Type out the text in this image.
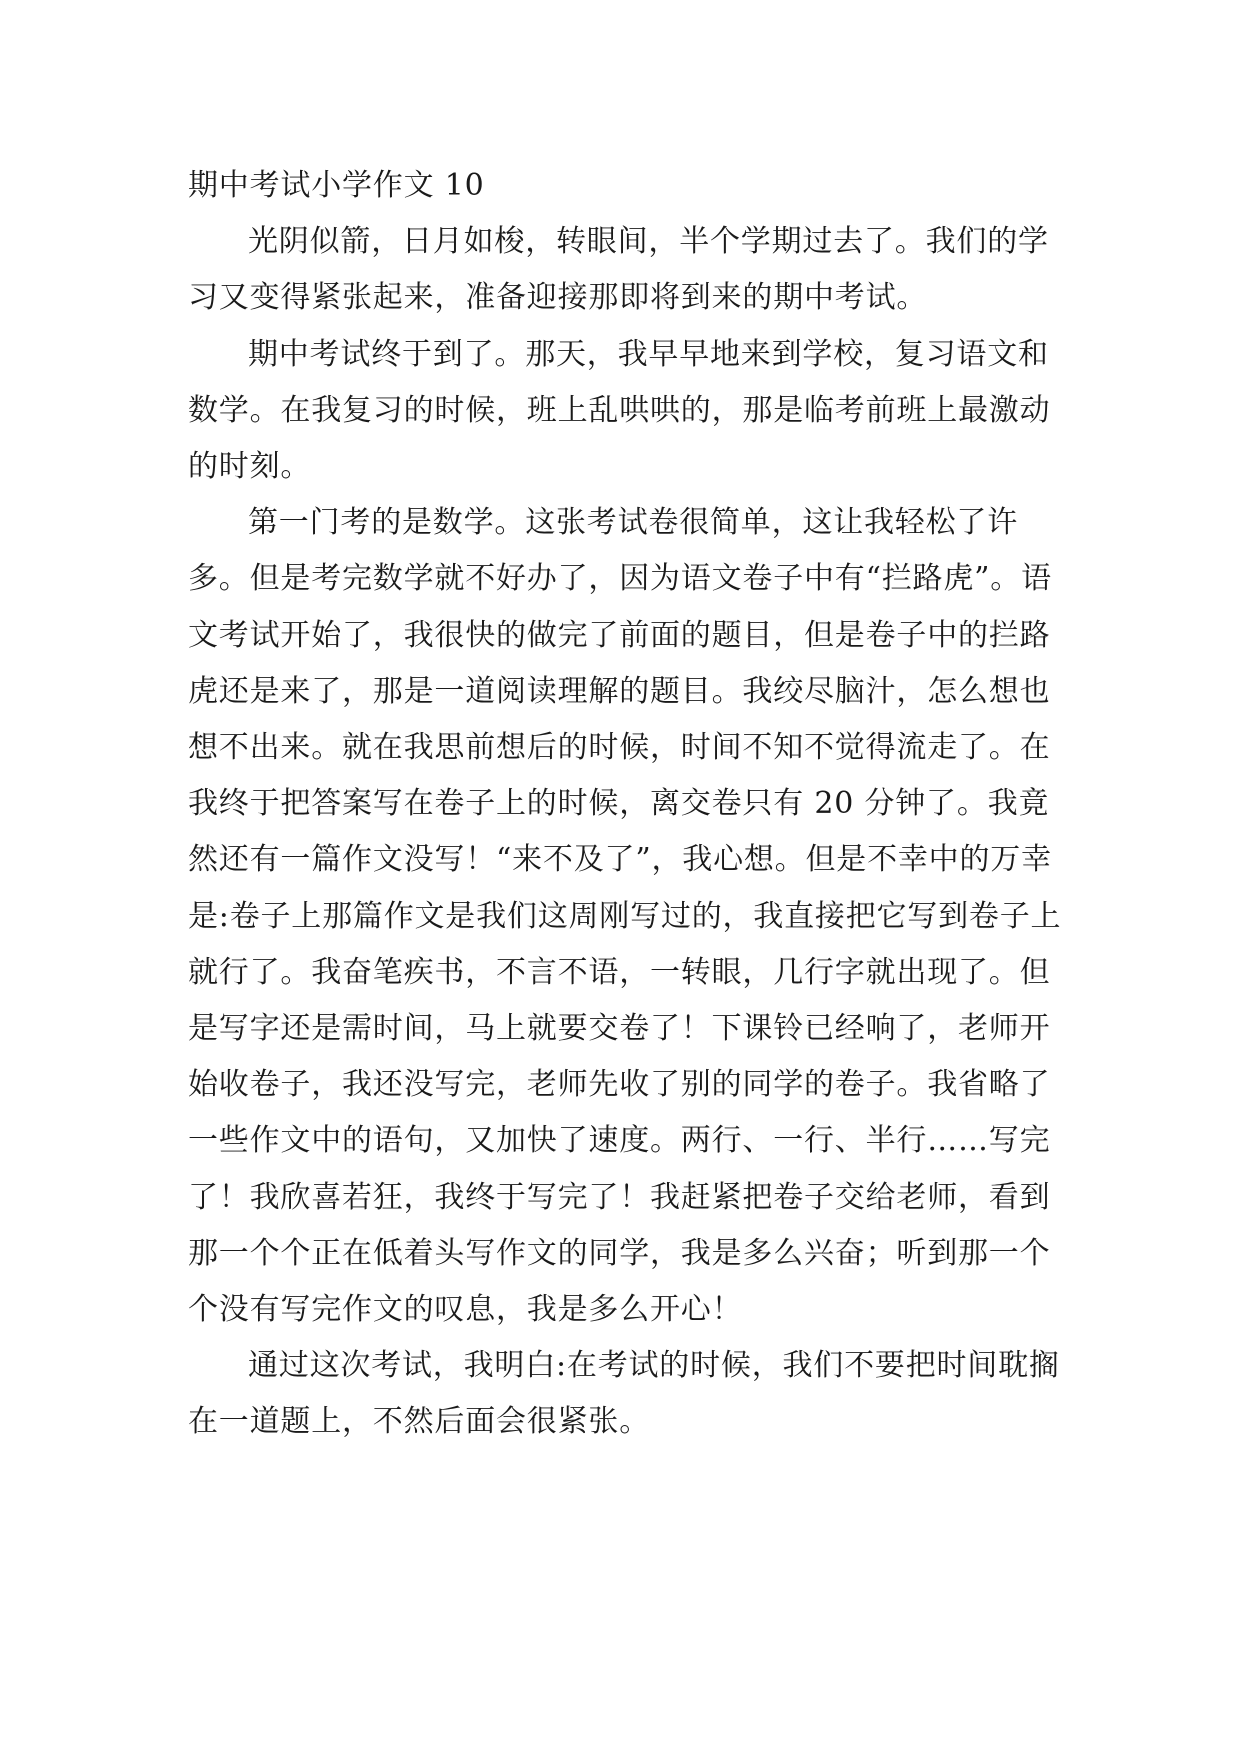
期中考试小学作文 10

光阴似箭，日月如梭，转眼间，半个学期过去了。我们的学习又变得紧张起来，准备迎接那即将到来的期中考试。

期中考试终于到了。那天，我早早地来到学校，复习语文和数学。在我复习的时候，班上乱哄哄的，那是临考前班上最激动的时刻。

第一门考的是数学。这张考试卷很简单，这让我轻松了许多。但是考完数学就不好办了，因为语文卷子中有“拦路虎”。语文考试开始了，我很快的做完了前面的题目，但是卷子中的拦路虎还是来了，那是一道阅读理解的题目。我绞尽脑汁，怎么想也想不出来。就在我思前想后的时候，时间不知不觉得流走了。在我终于把答案写在卷子上的时候，离交卷只有 20 分钟了。我竟然还有一篇作文没写！“来不及了”，我心想。但是不幸中的万幸是:卷子上那篇作文是我们这周刚写过的，我直接把它写到卷子上就行了。我奋笔疾书，不言不语，一转眼，几行字就出现了。但是写字还是需时间，马上就要交卷了！下课铃已经响了，老师开始收卷子，我还没写完，老师先收了别的同学的卷子。我省略了一些作文中的语句，又加快了速度。两行、一行、半行……写完了！我欣喜若狂，我终于写完了！我赶紧把卷子交给老师，看到那一个个正在低着头写作文的同学，我是多么兴奋；听到那一个个没有写完作文的叹息，我是多么开心！

通过这次考试，我明白:在考试的时候，我们不要把时间耽搁在一道题上，不然后面会很紧张。
